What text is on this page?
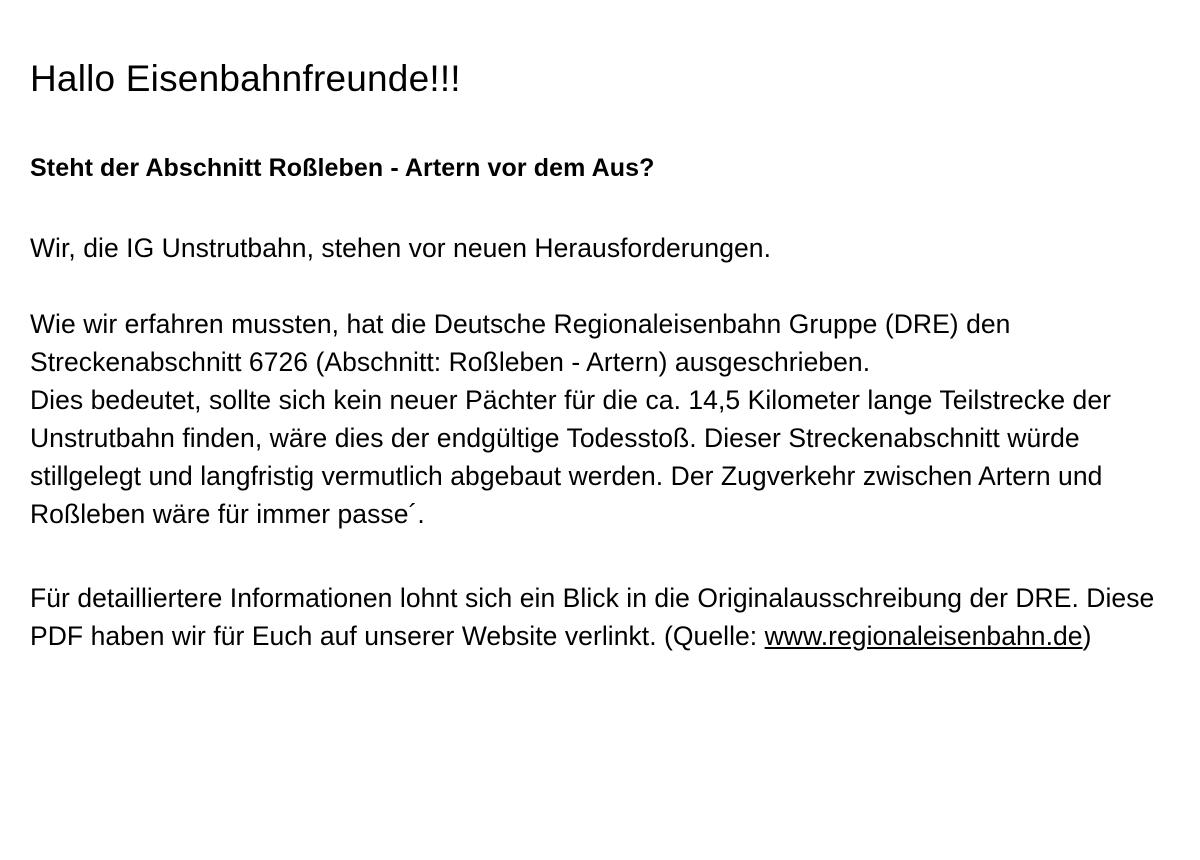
Hallo Eisenbahnfreunde!!!
Steht der Abschnitt Roßleben - Artern vor dem Aus?

Wir, die IG Unstrutbahn, stehen vor neuen Herausforderungen.

Wie wir erfahren mussten, hat die Deutsche Regionaleisenbahn Gruppe (DRE) den Streckenabschnitt 6726 (Abschnitt: Roßleben - Artern) ausgeschrieben.

Dies bedeutet, sollte sich kein neuer Pächter für die ca. 14,5 Kilometer lange Teilstrecke der Unstrutbahn finden, wäre dies der endgültige Todesstoß. Dieser Streckenabschnitt würde stillgelegt und langfristig vermutlich abgebaut werden. Der Zugverkehr zwischen Artern und Roßleben wäre für immer passe´.

Für detailliertere Informationen lohnt sich ein Blick in die Originalausschreibung der DRE. Diese PDF haben wir für Euch auf unserer Website verlinkt. (Quelle: www.regionaleisenbahn.de)
